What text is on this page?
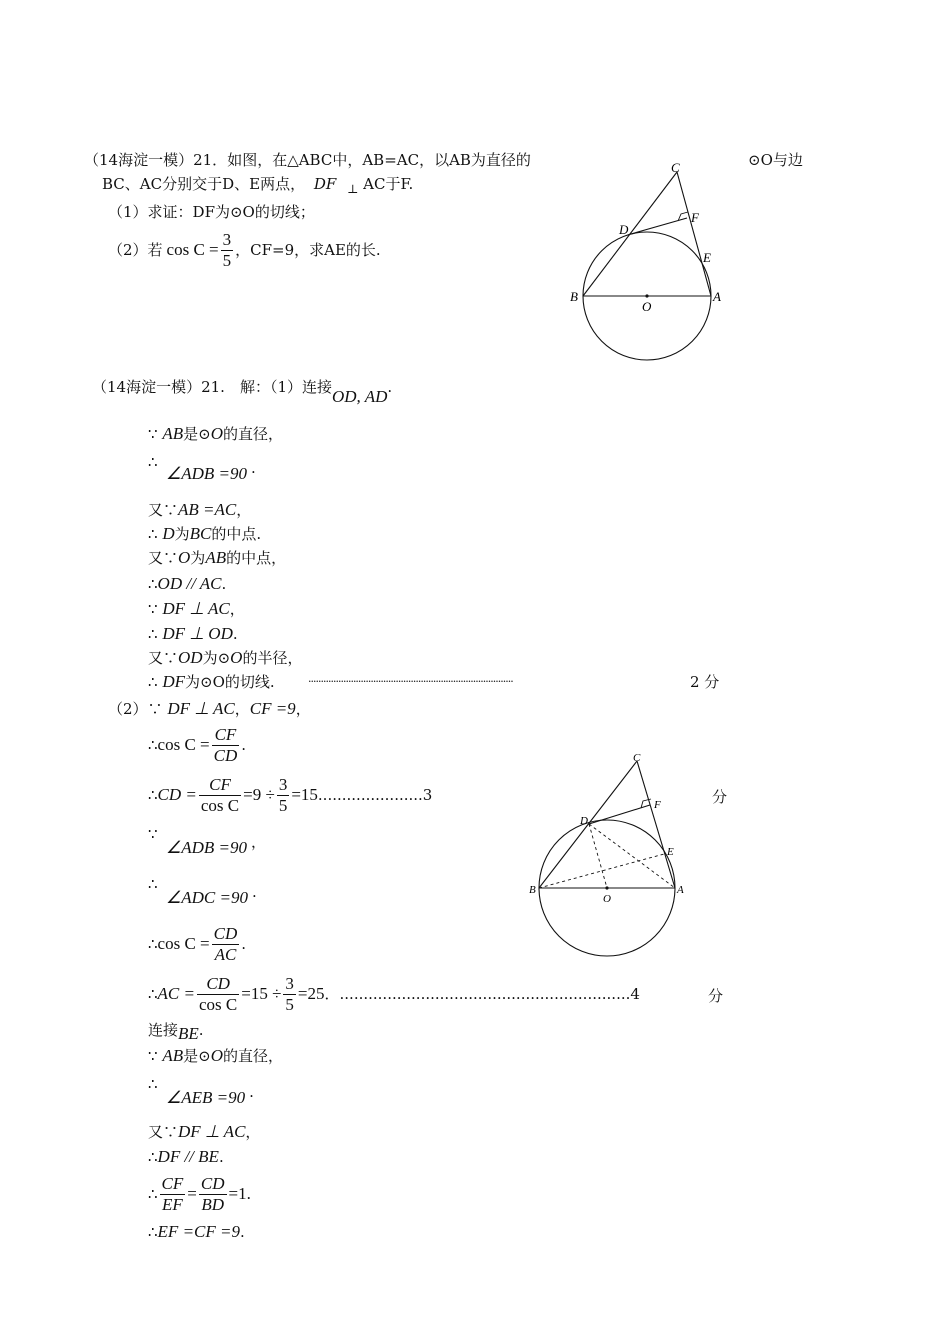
（14海淀一模）21．如图，在△ABC中，AB=AC，以AB为直径的	⊙O与边
BC、AC分别交于D、E两点， DF $_\perp$ AC于F.
（1）求证：DF为⊙O的切线；
（2）若 $\cos C = \frac{3}{5}$ ，CF=9，求AE的长.
C
D
F
E
B
O
A
（14海淀一模）21.　解：（1）连接OD, AD.
∵ AB是⊙O的直径，
∴
∠ADB =90 .
又∵AB =AC，
∴ D为BC的中点.
又∵O为AB的中点，
∴OD // AC.
∵ DF ⊥ AC，
∴ DF ⊥ OD.
又∵OD为⊙O的半径，
∴ DF为⊙O的切线.	··················································································	2 分
（2）∵ DF ⊥ AC，CF =9，
∴ $\cos C = \frac{CF}{CD}$ .
∴ CD = $\frac{CF}{\text{cos C}} =9 \div \frac{3}{5} =15$ ......................3	分
∵
∠ADB =90 ，
∴
∠ADC =90 .
∴ $\cos C = \frac{CD}{AC}$ .
∴ AC = $\frac{CD}{\text{cos C}} =15 \div \frac{3}{5} =25$ ．.............................................................4	分
连接BE.
∵ AB是⊙O的直径，
∴
∠AEB =90 .
又∵DF ⊥ AC，
∴DF // BE.
∴ $\frac{CF}{EF} = \frac{CD}{BD} =1$.
∴EF =CF =9.
C
D
F
E
B
O
A
